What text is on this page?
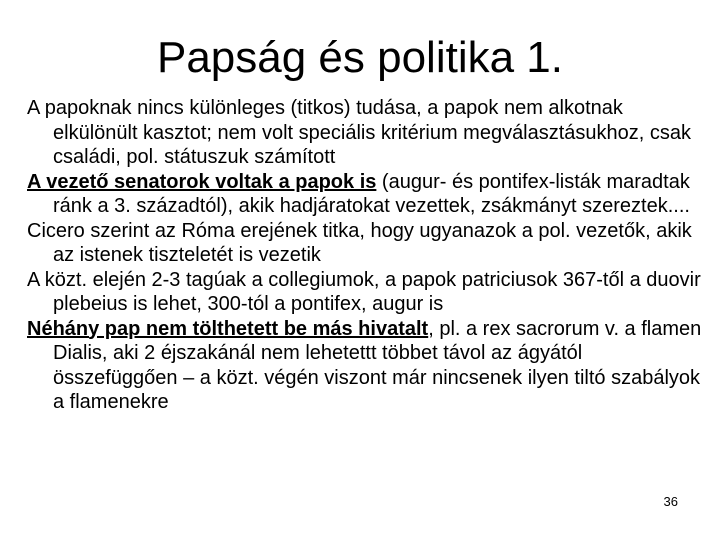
Papság és politika 1.

A papoknak nincs különleges (titkos) tudása, a papok nem alkotnak elkülönült kasztot; nem volt speciális kritérium megválasztásukhoz, csak családi, pol. státuszuk számított

A vezető senatorok voltak a papok is (augur- és pontifex-listák maradtak ránk a 3. századtól), akik hadjáratokat vezettek, zsákmányt szereztek....

Cicero szerint az Róma erejének titka, hogy ugyanazok a pol. vezetők, akik az istenek tiszteletét is vezetik

A közt. elején 2-3 tagúak a collegiumok, a papok patriciusok 367-től a duovir plebeius is lehet, 300-tól a pontifex, augur is

Néhány pap nem tölthetett be más hivatalt, pl. a rex sacrorum v. a flamen Dialis, aki 2 éjszakánál nem lehetettt többet távol az ágyától összefüggően – a közt. végén viszont már nincsenek ilyen tiltó szabályok a flamenekre

36
